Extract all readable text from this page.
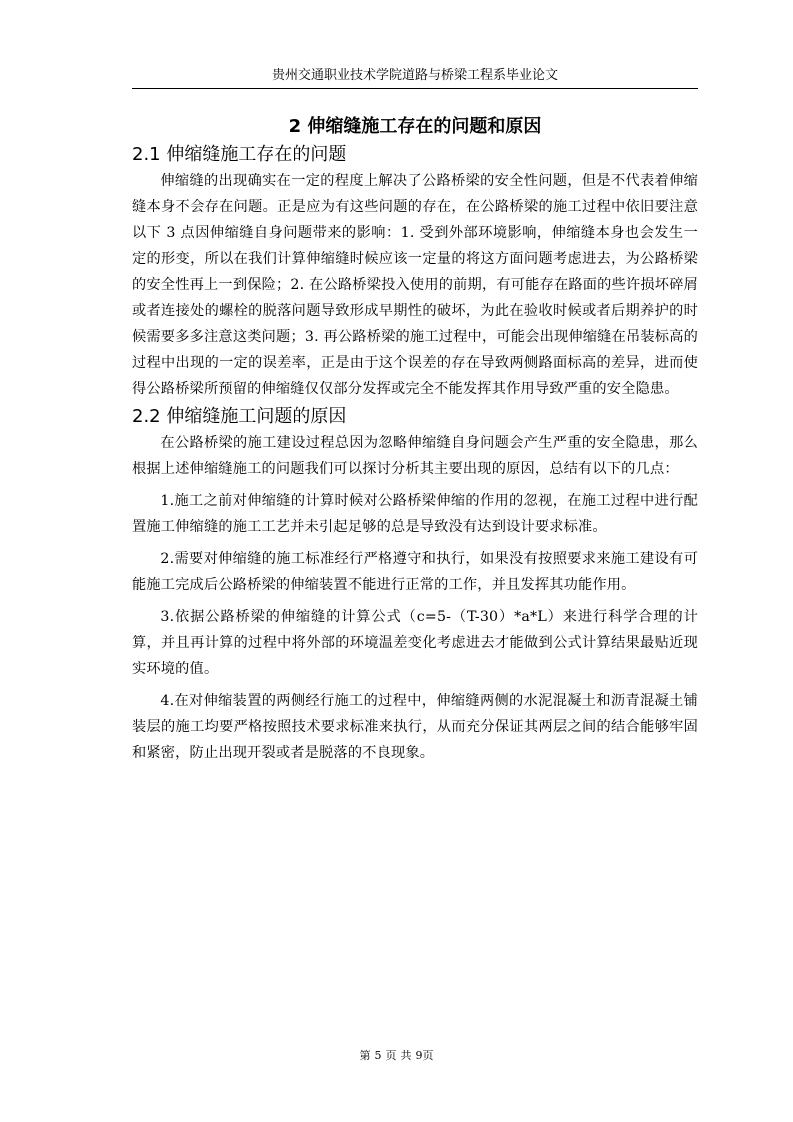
贵州交通职业技术学院道路与桥梁工程系毕业论文
2 伸缩缝施工存在的问题和原因
2.1 伸缩缝施工存在的问题

伸缩缝的出现确实在一定的程度上解决了公路桥梁的安全性问题，但是不代表着伸缩缝本身不会存在问题。正是应为有这些问题的存在，在公路桥梁的施工过程中依旧要注意以下 3 点因伸缩缝自身问题带来的影响：1. 受到外部环境影响，伸缩缝本身也会发生一定的形变，所以在我们计算伸缩缝时候应该一定量的将这方面问题考虑进去，为公路桥梁的安全性再上一到保险；2. 在公路桥梁投入使用的前期，有可能存在路面的些许损坏碎屑或者连接处的螺栓的脱落问题导致形成早期性的破坏，为此在验收时候或者后期养护的时候需要多多注意这类问题；3. 再公路桥梁的施工过程中，可能会出现伸缩缝在吊装标高的过程中出现的一定的误差率，正是由于这个误差的存在导致两侧路面标高的差异，进而使得公路桥梁所预留的伸缩缝仅仅部分发挥或完全不能发挥其作用导致严重的安全隐患。

2.2 伸缩缝施工问题的原因

在公路桥梁的施工建设过程总因为忽略伸缩缝自身问题会产生严重的安全隐患，那么根据上述伸缩缝施工的问题我们可以探讨分析其主要出现的原因，总结有以下的几点：

1.施工之前对伸缩缝的计算时候对公路桥梁伸缩的作用的忽视，在施工过程中进行配置施工伸缩缝的施工工艺并未引起足够的总是导致没有达到设计要求标准。

2.需要对伸缩缝的施工标准经行严格遵守和执行，如果没有按照要求来施工建设有可能施工完成后公路桥梁的伸缩装置不能进行正常的工作，并且发挥其功能作用。

3.依据公路桥梁的伸缩缝的计算公式（c=5-（T-30）*a*L）来进行科学合理的计算，并且再计算的过程中将外部的环境温差变化考虑进去才能做到公式计算结果最贴近现实环境的值。

4.在对伸缩装置的两侧经行施工的过程中，伸缩缝两侧的水泥混凝土和沥青混凝土铺装层的施工均要严格按照技术要求标准来执行，从而充分保证其两层之间的结合能够牢固和紧密，防止出现开裂或者是脱落的不良现象。

第 5 页 共 9页
